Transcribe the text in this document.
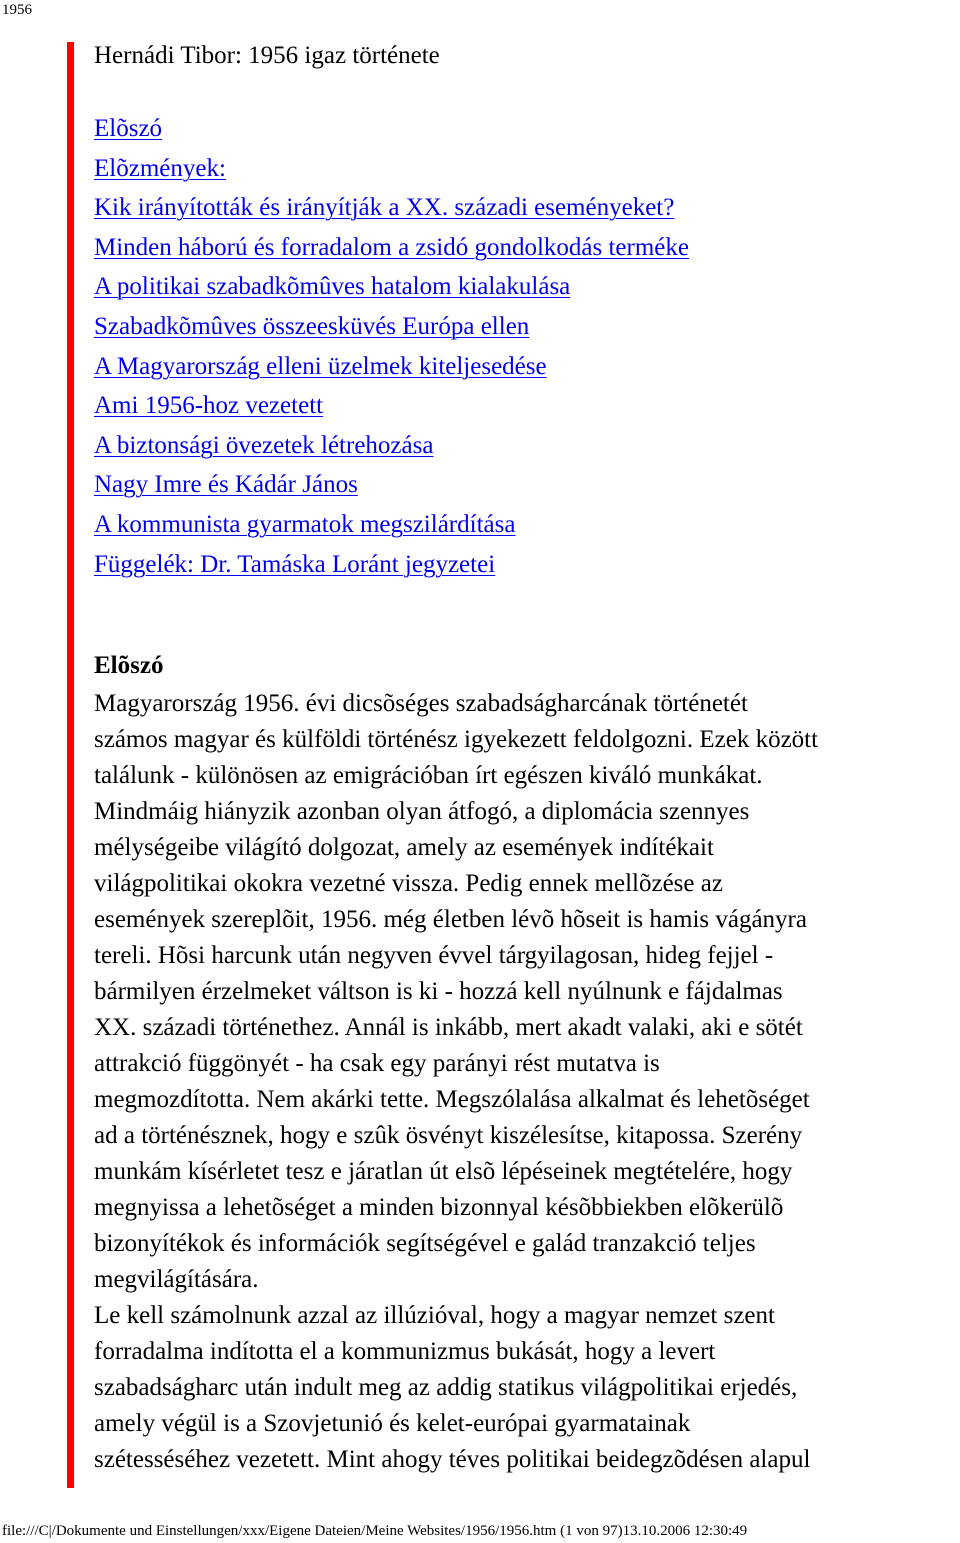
1956
Hernádi Tibor: 1956 igaz története
Elõszó
Elõzmények:
Kik irányították és irányítják a XX. századi eseményeket?
Minden háború és forradalom a zsidó gondolkodás terméke
A politikai szabadkõmûves hatalom kialakulása
Szabadkõmûves összeesküvés Európa ellen
A Magyarország elleni üzelmek kiteljesedése
Ami 1956-hoz vezetett
A biztonsági övezetek létrehozása
Nagy Imre és Kádár János
A kommunista gyarmatok megszilárdítása
Függelék: Dr. Tamáska Loránt jegyzetei
Elõszó

Magyarország 1956. évi dicsõséges szabadságharcának történetét
számos magyar és külföldi történész igyekezett feldolgozni. Ezek között
találunk - különösen az emigrációban írt egészen kiváló munkákat.
Mindmáig hiányzik azonban olyan átfogó, a diplomácia szennyes
mélységeibe világító dolgozat, amely az események indítékait
világpolitikai okokra vezetné vissza. Pedig ennek mellõzése az
események szereplõit, 1956. még életben lévõ hõseit is hamis vágányra
tereli. Hõsi harcunk után negyven évvel tárgyilagosan, hideg fejjel -
bármilyen érzelmeket váltson is ki - hozzá kell nyúlnunk e fájdalmas
XX. századi történethez. Annál is inkább, mert akadt valaki, aki e sötét
attrakció függönyét - ha csak egy parányi rést mutatva is
megmozdította. Nem akárki tette. Megszólalása alkalmat és lehetõséget
ad a történésznek, hogy e szûk ösvényt kiszélesítse, kitapossa. Szerény
munkám kísérletet tesz e járatlan út elsõ lépéseinek megtételére, hogy
megnyissa a lehetõséget a minden bizonnyal késõbbiekben elõkerülõ
bizonyítékok és információk segítségével e galád tranzakció teljes
megvilágítására.

Le kell számolnunk azzal az illúzióval, hogy a magyar nemzet szent
forradalma indította el a kommunizmus bukását, hogy a levert
szabadságharc után indult meg az addig statikus világpolitikai erjedés,
amely végül is a Szovjetunió és kelet-európai gyarmatainak
szétesséséhez vezetett. Mint ahogy téves politikai beidegzõdésen alapul

file:///C|/Dokumente und Einstellungen/xxx/Eigene Dateien/Meine Websites/1956/1956.htm (1 von 97)13.10.2006 12:30:49
